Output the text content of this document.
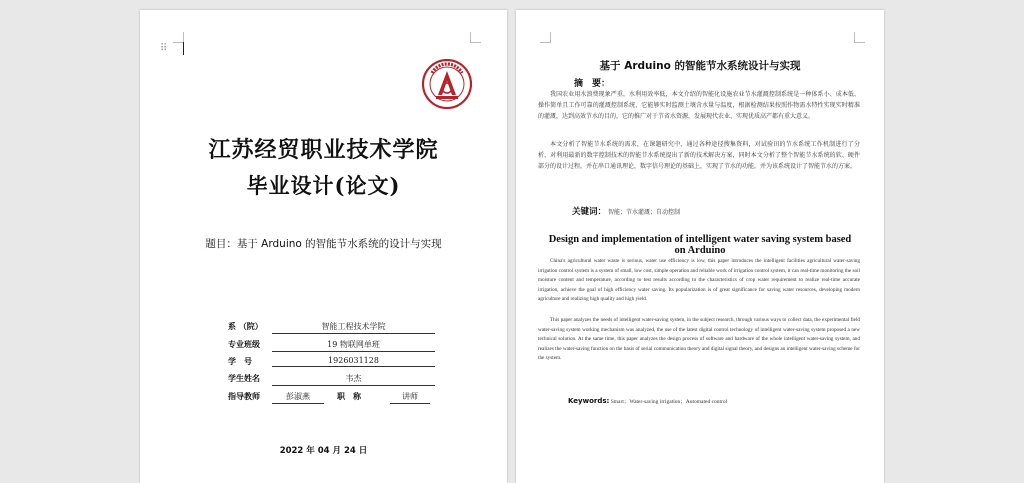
⠿
江苏经贸职业技术学院
毕业设计(论文)
题目：基于 Arduino 的智能节水系统的设计与实现
系 （院）	智能工程技术学院
专业班级	19 物联网单班
学　号	1926031128
学生姓名	韦杰
指导教师	彭淑燕	职　称	讲师
2022 年 04 月 24 日
基于 Arduino 的智能节水系统设计与实现
摘　要：
我国农业用水浪费现象严重，水利用效率低，本文介绍的智能化设施农业节水灌溉控制系统是一种体系小、成本低、操作简单且工作可靠的灌溉控制系统，它能够实时监测土壤含水量与温度，根据检测结果按照作物需水特性实现实时精准的灌溉，达到高效节水的目的，它的推广对于节省水资源，发展现代农业、实现优质高产都有重大意义。
本文分析了智能节水系统的需求，在课题研究中，通过各种途径搜集资料，对试验田的节水系统工作机制进行了分析，对利用最新的数字控制技术的智能节水系统提出了新的技术解决方案，同时本文分析了整个智能节水系统的软、硬件部分的设计过程，并在串口通讯理论，数字信号理论的基础上，实现了节水的功能，并为该系统设计了智能节水的方案。
关键词： 智能；节水灌溉；自动控制
Design and implementation of intelligent water saving system based on Arduino
China's agricultural water waste is serious, water use efficiency is low, this paper introduces the intelligent facilities agricultural water-saving irrigation control system is a system of small, low cost, simple operation and reliable work of irrigation control system, it can real-time monitoring the soil moisture content and temperature, according to test results according to the characteristics of crop water requirement to realize real-time accurate irrigation, achieve the goal of high efficiency water saving. Its popularization is of great significance for saving water resources, developing modern agriculture and realizing high quality and high yield.
This paper analyzes the needs of intelligent water-saving system, in the subject research, through various ways to collect data, the experimental field water-saving system working mechanism was analyzed, the use of the latest digital control technology of intelligent water-saving system proposed a new technical solution. At the same time, this paper analyzes the design process of software and hardware of the whole intelligent water-saving system, and realizes the water-saving function on the basis of serial communication theory and digital signal theory, and designs an intelligent water-saving scheme for the system.
Keywords: Smart；Water-saving irrigation；Automated control
